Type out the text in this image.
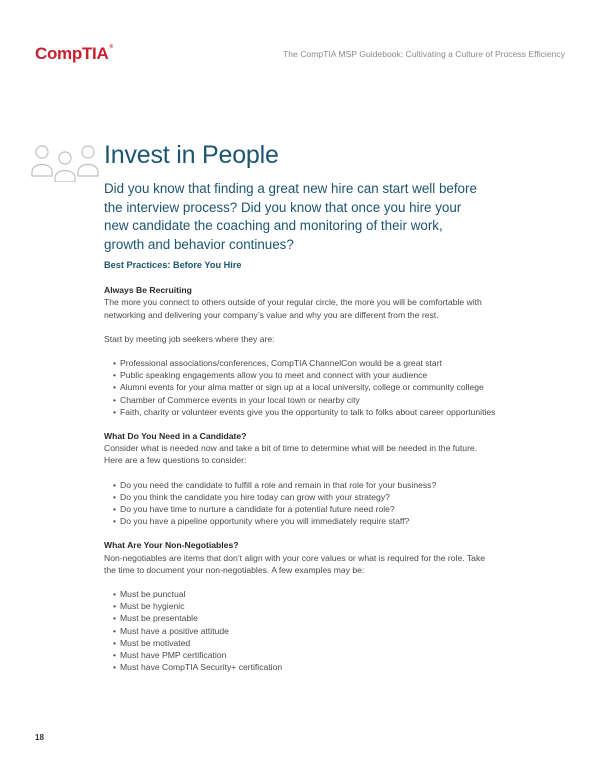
CompTIA®
The CompTIA MSP Guidebook: Cultivating a Culture of Process Efficiency
Invest in People

Did you know that finding a great new hire can start well before the interview process? Did you know that once you hire your new candidate the coaching and monitoring of their work, growth and behavior continues?

Best Practices: Before You Hire
Always Be Recruiting

The more you connect to others outside of your regular circle, the more you will be comfortable with networking and delivering your company’s value and why you are different from the rest.

Start by meeting job seekers where they are:

• Professional associations/conferences, CompTIA ChannelCon would be a great start
• Public speaking engagements allow you to meet and connect with your audience
• Alumni events for your alma matter or sign up at a local university, college or community college
• Chamber of Commerce events in your local town or nearby city
• Faith, charity or volunteer events give you the opportunity to talk to folks about career opportunities
What Do You Need in a Candidate?

Consider what is needed now and take a bit of time to determine what will be needed in the future. Here are a few questions to consider:

• Do you need the candidate to fulfill a role and remain in that role for your business?
• Do you think the candidate you hire today can grow with your strategy?
• Do you have time to nurture a candidate for a potential future need role?
• Do you have a pipeline opportunity where you will immediately require staff?
What Are Your Non-Negotiables?

Non-negotiables are items that don’t align with your core values or what is required for the role. Take the time to document your non-negotiables. A few examples may be:

• Must be punctual
• Must be hygienic
• Must be presentable
• Must have a positive attitude
• Must be motivated
• Must have PMP certification
• Must have CompTIA Security+ certification
18
